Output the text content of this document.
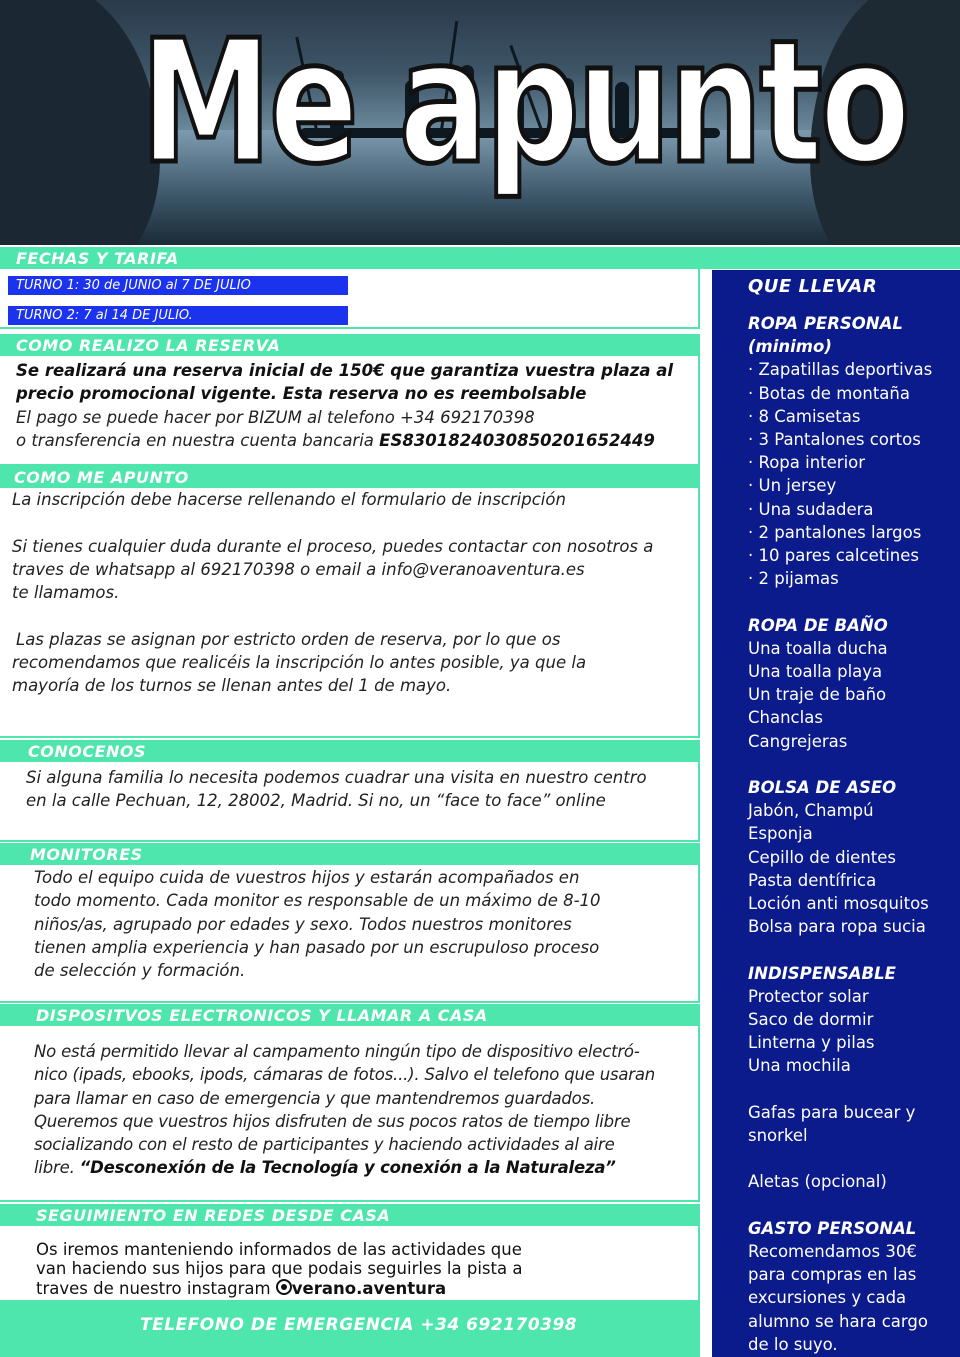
Me apunto
FECHAS Y TARIFA
TURNO 1: 30 de JUNIO al 7 DE JULIO
TURNO 2: 7 al 14 DE JULIO.
COMO REALIZO LA RESERVA
Se realizará una reserva inicial de 150€ que garantiza vuestra plaza al
precio promocional vigente. Esta reserva no es reembolsable
El pago se puede hacer por BIZUM al telefono +34 692170398
o transferencia en nuestra cuenta bancaria ES8301824030850201652449
COMO ME APUNTO
La inscripción debe hacerse rellenando el formulario de inscripción
Si tienes cualquier duda durante el proceso, puedes contactar con nosotros a
traves de whatsapp al 692170398 o email a info@veranoaventura.es
te llamamos.
Las plazas se asignan por estricto orden de reserva, por lo que os
recomendamos que realicéis la inscripción lo antes posible, ya que la
mayoría de los turnos se llenan antes del 1 de mayo.
CONOCENOS
Si alguna familia lo necesita podemos cuadrar una visita en nuestro centro
en la calle Pechuan, 12, 28002, Madrid. Si no, un “face to face” online
MONITORES
Todo el equipo cuida de vuestros hijos y estarán acompañados en
todo momento. Cada monitor es responsable de un máximo de 8-10
niños/as, agrupado por edades y sexo. Todos nuestros monitores
tienen amplia experiencia y han pasado por un escrupuloso proceso
de selección y formación.
DISPOSITVOS ELECTRONICOS Y LLAMAR A CASA
No está permitido llevar al campamento ningún tipo de dispositivo electró-
nico (ipads, ebooks, ipods, cámaras de fotos...). Salvo el telefono que usaran
para llamar en caso de emergencia y que mantendremos guardados.
Queremos que vuestros hijos disfruten de sus pocos ratos de tiempo libre
socializando con el resto de participantes y haciendo actividades al aire
libre. “Desconexión de la Tecnología y conexión a la Naturaleza”
SEGUIMIENTO EN REDES DESDE CASA
Os iremos manteniendo informados de las actividades que
van haciendo sus hijos para que podais seguirles la pista a
traves de nuestro instagram verano.aventura
TELEFONO DE EMERGENCIA +34 692170398
QUE LLEVAR
ROPA PERSONAL
(minimo)
· Zapatillas deportivas
· Botas de montaña
· 8 Camisetas
· 3 Pantalones cortos
· Ropa interior
· Un jersey
· Una sudadera
· 2 pantalones largos
· 10 pares calcetines
· 2 pijamas
ROPA DE BAÑO
Una toalla ducha
Una toalla playa
Un traje de baño
Chanclas
Cangrejeras
BOLSA DE ASEO
Jabón, Champú
Esponja
Cepillo de dientes
Pasta dentífrica
Loción anti mosquitos
Bolsa para ropa sucia
INDISPENSABLE
Protector solar
Saco de dormir
Linterna y pilas
Una mochila
Gafas para bucear y
snorkel
Aletas (opcional)
GASTO PERSONAL
Recomendamos 30€
para compras en las
excursiones y cada
alumno se hara cargo
de lo suyo.
